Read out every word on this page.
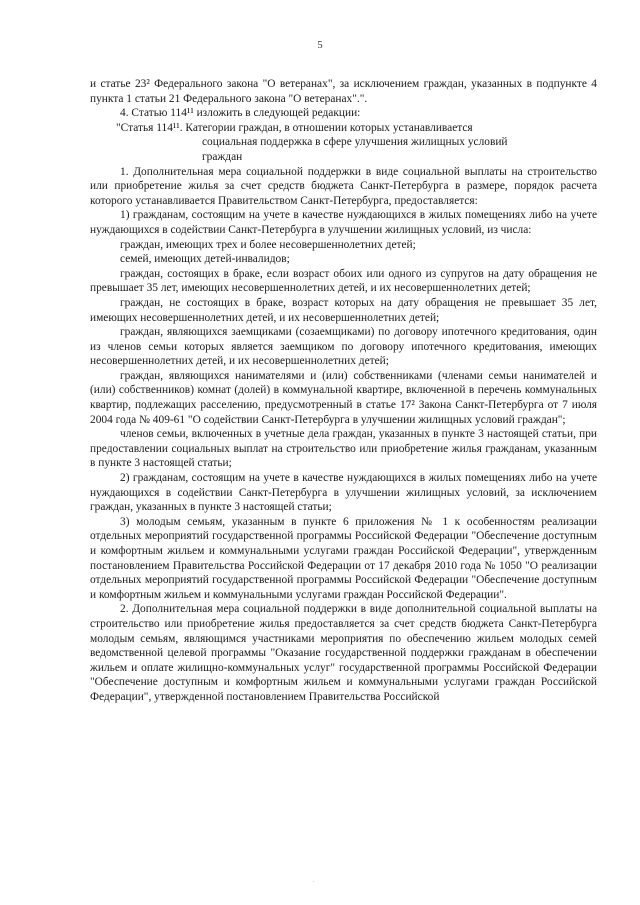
5

и статье 23² Федерального закона "О ветеранах", за исключением граждан, указанных в подпункте 4 пункта 1 статьи 21 Федерального закона "О ветеранах".".

4. Статью 114¹¹ изложить в следующей редакции:

"Статья 114¹¹. Категории граждан, в отношении которых устанавливается
социальная поддержка в сфере улучшения жилищных условий
граждан

1. Дополнительная мера социальной поддержки в виде социальной выплаты на строительство или приобретение жилья за счет средств бюджета Санкт-Петербурга в размере, порядок расчета которого устанавливается Правительством Санкт-Петербурга, предоставляется:

1) гражданам, состоящим на учете в качестве нуждающихся в жилых помещениях либо на учете нуждающихся в содействии Санкт-Петербурга в улучшении жилищных условий, из числа:

граждан, имеющих трех и более несовершеннолетних детей;

семей, имеющих детей-инвалидов;

граждан, состоящих в браке, если возраст обоих или одного из супругов на дату обращения не превышает 35 лет, имеющих несовершеннолетних детей, и их несовершеннолетних детей;

граждан, не состоящих в браке, возраст которых на дату обращения не превышает 35 лет, имеющих несовершеннолетних детей, и их несовершеннолетних детей;

граждан, являющихся заемщиками (созаемщиками) по договору ипотечного кредитования, один из членов семьи которых является заемщиком по договору ипотечного кредитования, имеющих несовершеннолетних детей, и их несовершеннолетних детей;

граждан, являющихся нанимателями и (или) собственниками (членами семьи нанимателей и (или) собственников) комнат (долей) в коммунальной квартире, включенной в перечень коммунальных квартир, подлежащих расселению, предусмотренный в статье 17² Закона Санкт-Петербурга от 7 июля 2004 года № 409-61 "О содействии Санкт-Петербурга в улучшении жилищных условий граждан";

членов семьи, включенных в учетные дела граждан, указанных в пункте 3 настоящей статьи, при предоставлении социальных выплат на строительство или приобретение жилья гражданам, указанным в пункте 3 настоящей статьи;

2) гражданам, состоящим на учете в качестве нуждающихся в жилых помещениях либо на учете нуждающихся в содействии Санкт-Петербурга в улучшении жилищных условий, за исключением граждан, указанных в пункте 3 настоящей статьи;

3) молодым семьям, указанным в пункте 6 приложения № 1 к особенностям реализации отдельных мероприятий государственной программы Российской Федерации "Обеспечение доступным и комфортным жильем и коммунальными услугами граждан Российской Федерации", утвержденным постановлением Правительства Российской Федерации от 17 декабря 2010 года № 1050 "О реализации отдельных мероприятий государственной программы Российской Федерации "Обеспечение доступным и комфортным жильем и коммунальными услугами граждан Российской Федерации".

2. Дополнительная мера социальной поддержки в виде дополнительной социальной выплаты на строительство или приобретение жилья предоставляется за счет средств бюджета Санкт-Петербурга молодым семьям, являющимся участниками мероприятия по обеспечению жильем молодых семей ведомственной целевой программы "Оказание государственной поддержки гражданам в обеспечении жильем и оплате жилищно-коммунальных услуг" государственной программы Российской Федерации "Обеспечение доступным и комфортным жильем и коммунальными услугами граждан Российской Федерации", утвержденной постановлением Правительства Российской

.
